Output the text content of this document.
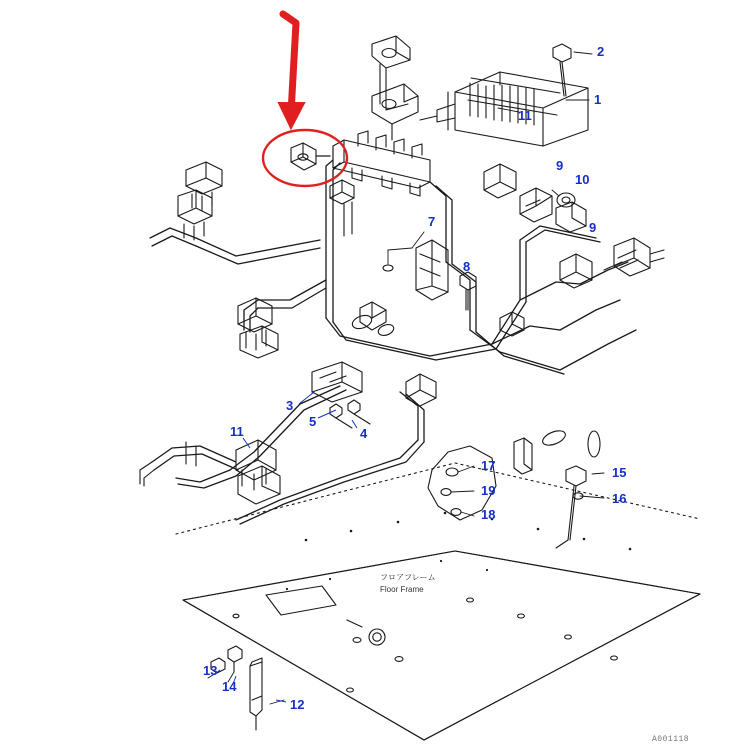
1
2
3
4
5
7
8
9
9
10
11
11
12
13
14
15
16
17
18
19
フロアフレーム
Floor Frame
A001118
